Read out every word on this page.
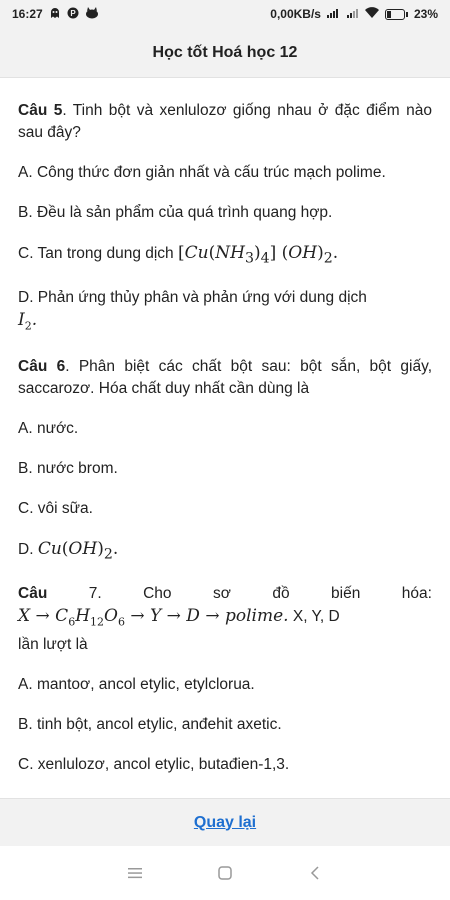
16:27	P	0,00KB/s	23%
Học tốt Hoá học 12
Câu 5. Tinh bột và xenlulozơ giống nhau ở đặc điểm nào sau đây?
A. Công thức đơn giản nhất và cấu trúc mạch polime.
B. Đều là sản phẩm của quá trình quang hợp.
C. Tan trong dung dịch $[Cu(NH_3)_4]$ $(OH)_2$.
D. Phản ứng thủy phân và phản ứng với dung dịch
$I_2$.
Câu 6. Phân biệt các chất bột sau: bột sắn, bột giấy, saccarozơ. Hóa chất duy nhất cần dùng là
A. nước.
B. nước brom.
C. vôi sữa.
D. $Cu(OH)_2$.
Câu	7.	Cho	sơ	đồ	biến	hóa:
$X \to C_6H_{12}O_6 \to Y \to D \to polime$. X, Y, D
lần lượt là
A. mantoơ, ancol etylic, etylclorua.
B. tinh bột, ancol etylic, anđehit axetic.
C. xenlulozơ, ancol etylic, butađien-1,3.
Quay lại
